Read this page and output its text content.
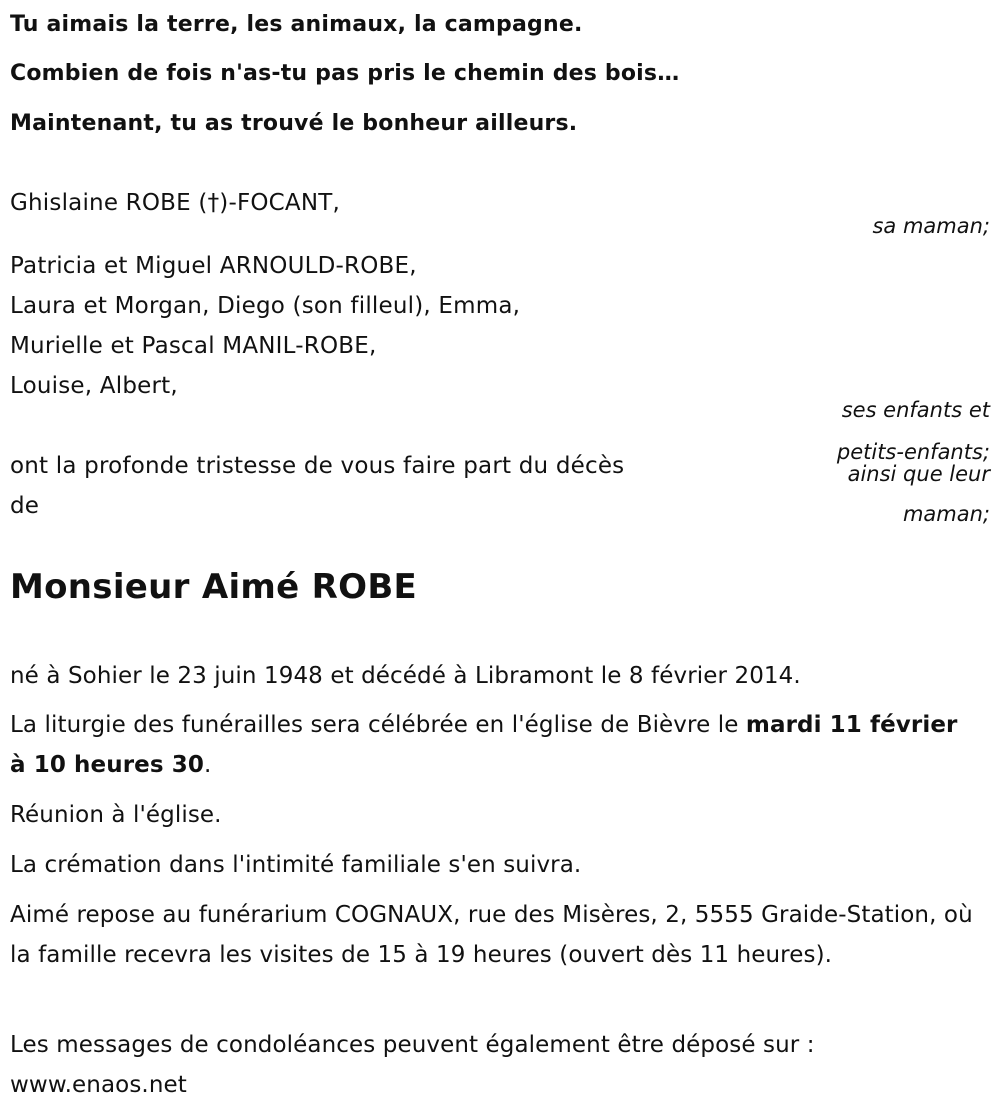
Tu aimais la terre, les animaux, la campagne.
Combien de fois n'as-tu pas pris le chemin des bois…
Maintenant, tu as trouvé le bonheur ailleurs.
Ghislaine ROBE (†)-FOCANT,
sa maman;
Patricia et Miguel ARNOULD-ROBE,
Laura et Morgan, Diego (son filleul), Emma,
Murielle et Pascal MANIL-ROBE,
Louise, Albert,
ses enfants et
petits-enfants;
ainsi que leur
maman;
ont la profonde tristesse de vous faire part du décès
de
Monsieur Aimé ROBE
né à Sohier le 23 juin 1948 et décédé à Libramont le 8 février 2014.
La liturgie des funérailles sera célébrée en l'église de Bièvre le mardi 11 février à 10 heures 30.
Réunion à l'église.
La crémation dans l'intimité familiale s'en suivra.
Aimé repose au funérarium COGNAUX, rue des Misères, 2, 5555 Graide-Station, où la famille recevra les visites de 15 à 19 heures (ouvert dès 11 heures).
Les messages de condoléances peuvent également être déposé sur : www.enaos.net
